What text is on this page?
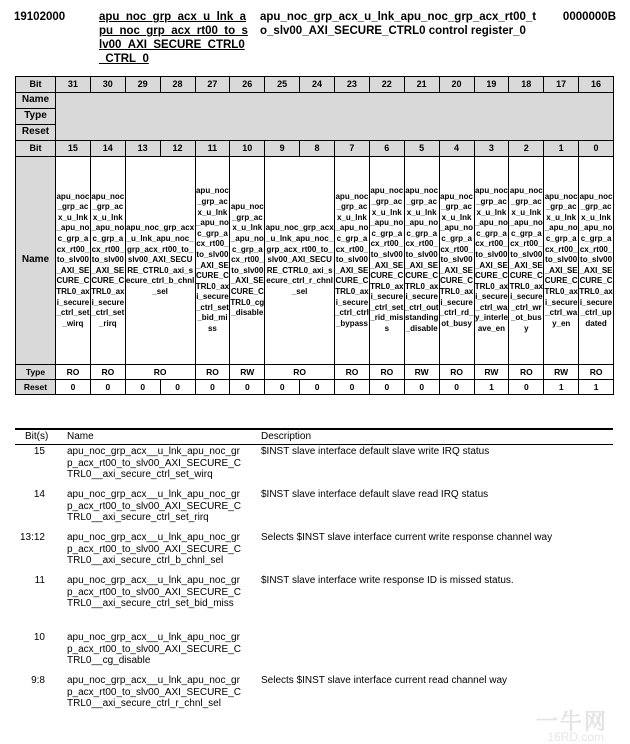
19102000	apu_noc_grp_acx_u_lnk_apu_noc_grp_acx_rt00_to_slv00_AXI_SECURE_CTRL0_CTRL_0
apu_noc_grp_acx_u_lnk_apu_noc_grp_acx_rt00_to_slv00_AXI_SECURE_CTRL0 control register_0
0000000B
Bit	31	30	29	28	27	26	25	24	23	22	21	20	19	18	17	16
Name																
Type																
Reset																
Bit	15	14	13	12	11	10	9	8	7	6	5	4	3	2	1	0
Name	apu_noc_grp_acx_u_lnk_apu_noc_grp_acx_rt00_to_slv00_AXI_SECURE_CTRL0_axi_secure_ctrl_set_wirq	apu_noc_grp_acx_u_lnk_apu_noc_grp_acx_rt00_to_slv00_AXI_SECURE_CTRL0_axi_secure_ctrl_set_rirq	apu_noc_grp_acx_u_lnk_apu_noc_grp_acx_rt00_to_slv00_AXI_SECURE_CTRL0_axi_secure_ctrl_b_chnl_sel		apu_noc_grp_acx_u_lnk_apu_noc_grp_acx_rt00_to_slv00_AXI_SECURE_CTRL0_axi_secure_ctrl_set_bid_miss	apu_noc_grp_acx_u_lnk_apu_noc_grp_acx_rt00_to_slv00_AXI_SECURE_CTRL0_cg_disable	apu_noc_grp_acx_u_lnk_apu_noc_grp_acx_rt00_to_slv00_AXI_SECURE_CTRL0_axi_secure_ctrl_r_chnl_sel		apu_noc_grp_acx_u_lnk_apu_noc_grp_acx_rt00_to_slv00_AXI_SECURE_CTRL0_axi_secure_ctrl_ctrl_bypass	apu_noc_grp_acx_u_lnk_apu_noc_grp_acx_rt00_to_slv00_AXI_SECURE_CTRL0_axi_secure_ctrl_set_rid_miss	apu_noc_grp_acx_u_lnk_apu_noc_grp_acx_rt00_to_slv00_AXI_SECURE_CTRL0_axi_secure_ctrl_outstanding_disable	apu_noc_grp_acx_u_lnk_apu_noc_grp_acx_rt00_to_slv00_AXI_SECURE_CTRL0_axi_secure_ctrl_rd_ot_busy	apu_noc_grp_acx_u_lnk_apu_noc_grp_acx_rt00_to_slv00_AXI_SECURE_CTRL0_axi_secure_ctrl_way_interleave_en	apu_noc_grp_acx_u_lnk_apu_noc_grp_acx_rt00_to_slv00_AXI_SECURE_CTRL0_axi_secure_ctrl_wr_ot_busy	apu_noc_grp_acx_u_lnk_apu_noc_grp_acx_rt00_to_slv00_AXI_SECURE_CTRL0_axi_secure_ctrl_way_en	apu_noc_grp_acx_u_lnk_apu_noc_grp_acx_rt00_to_slv00_AXI_SECURE_CTRL0_axi_secure_ctrl_updated
Type	RO	RO	RO		RO	RW	RO		RO	RO	RW	RO	RW	RO	RW	RO
Reset	0	0	0	0	0	0	0	0	0	0	0	0	1	0	1	1
Bit(s) Name	Description
15 apu_noc_grp_acx__u_lnk_apu_noc_grp_acx_rt00_to_slv00_AXI_SECURE_CTRL0__axi_secure_ctrl_set_wirq
$INST slave interface default slave write IRQ status
14 apu_noc_grp_acx__u_lnk_apu_noc_grp_acx_rt00_to_slv00_AXI_SECURE_CTRL0__axi_secure_ctrl_set_rirq
$INST slave interface default slave read IRQ status
13:12 apu_noc_grp_acx__u_lnk_apu_noc_grp_acx_rt00_to_slv00_AXI_SECURE_CTRL0__axi_secure_ctrl_b_chnl_sel
Selects $INST slave interface current write response channel way
11 apu_noc_grp_acx__u_lnk_apu_noc_grp_acx_rt00_to_slv00_AXI_SECURE_CTRL0__axi_secure_ctrl_set_bid_miss
$INST slave interface write response ID is missed status.
10 apu_noc_grp_acx__u_lnk_apu_noc_grp_acx_rt00_to_slv00_AXI_SECURE_CTRL0__cg_disable
9:8 apu_noc_grp_acx__u_lnk_apu_noc_grp_acx_rt00_to_slv00_AXI_SECURE_CTRL0__axi_secure_ctrl_r_chnl_sel
Selects $INST slave interface current read channel way
一牛网
16RD.com
